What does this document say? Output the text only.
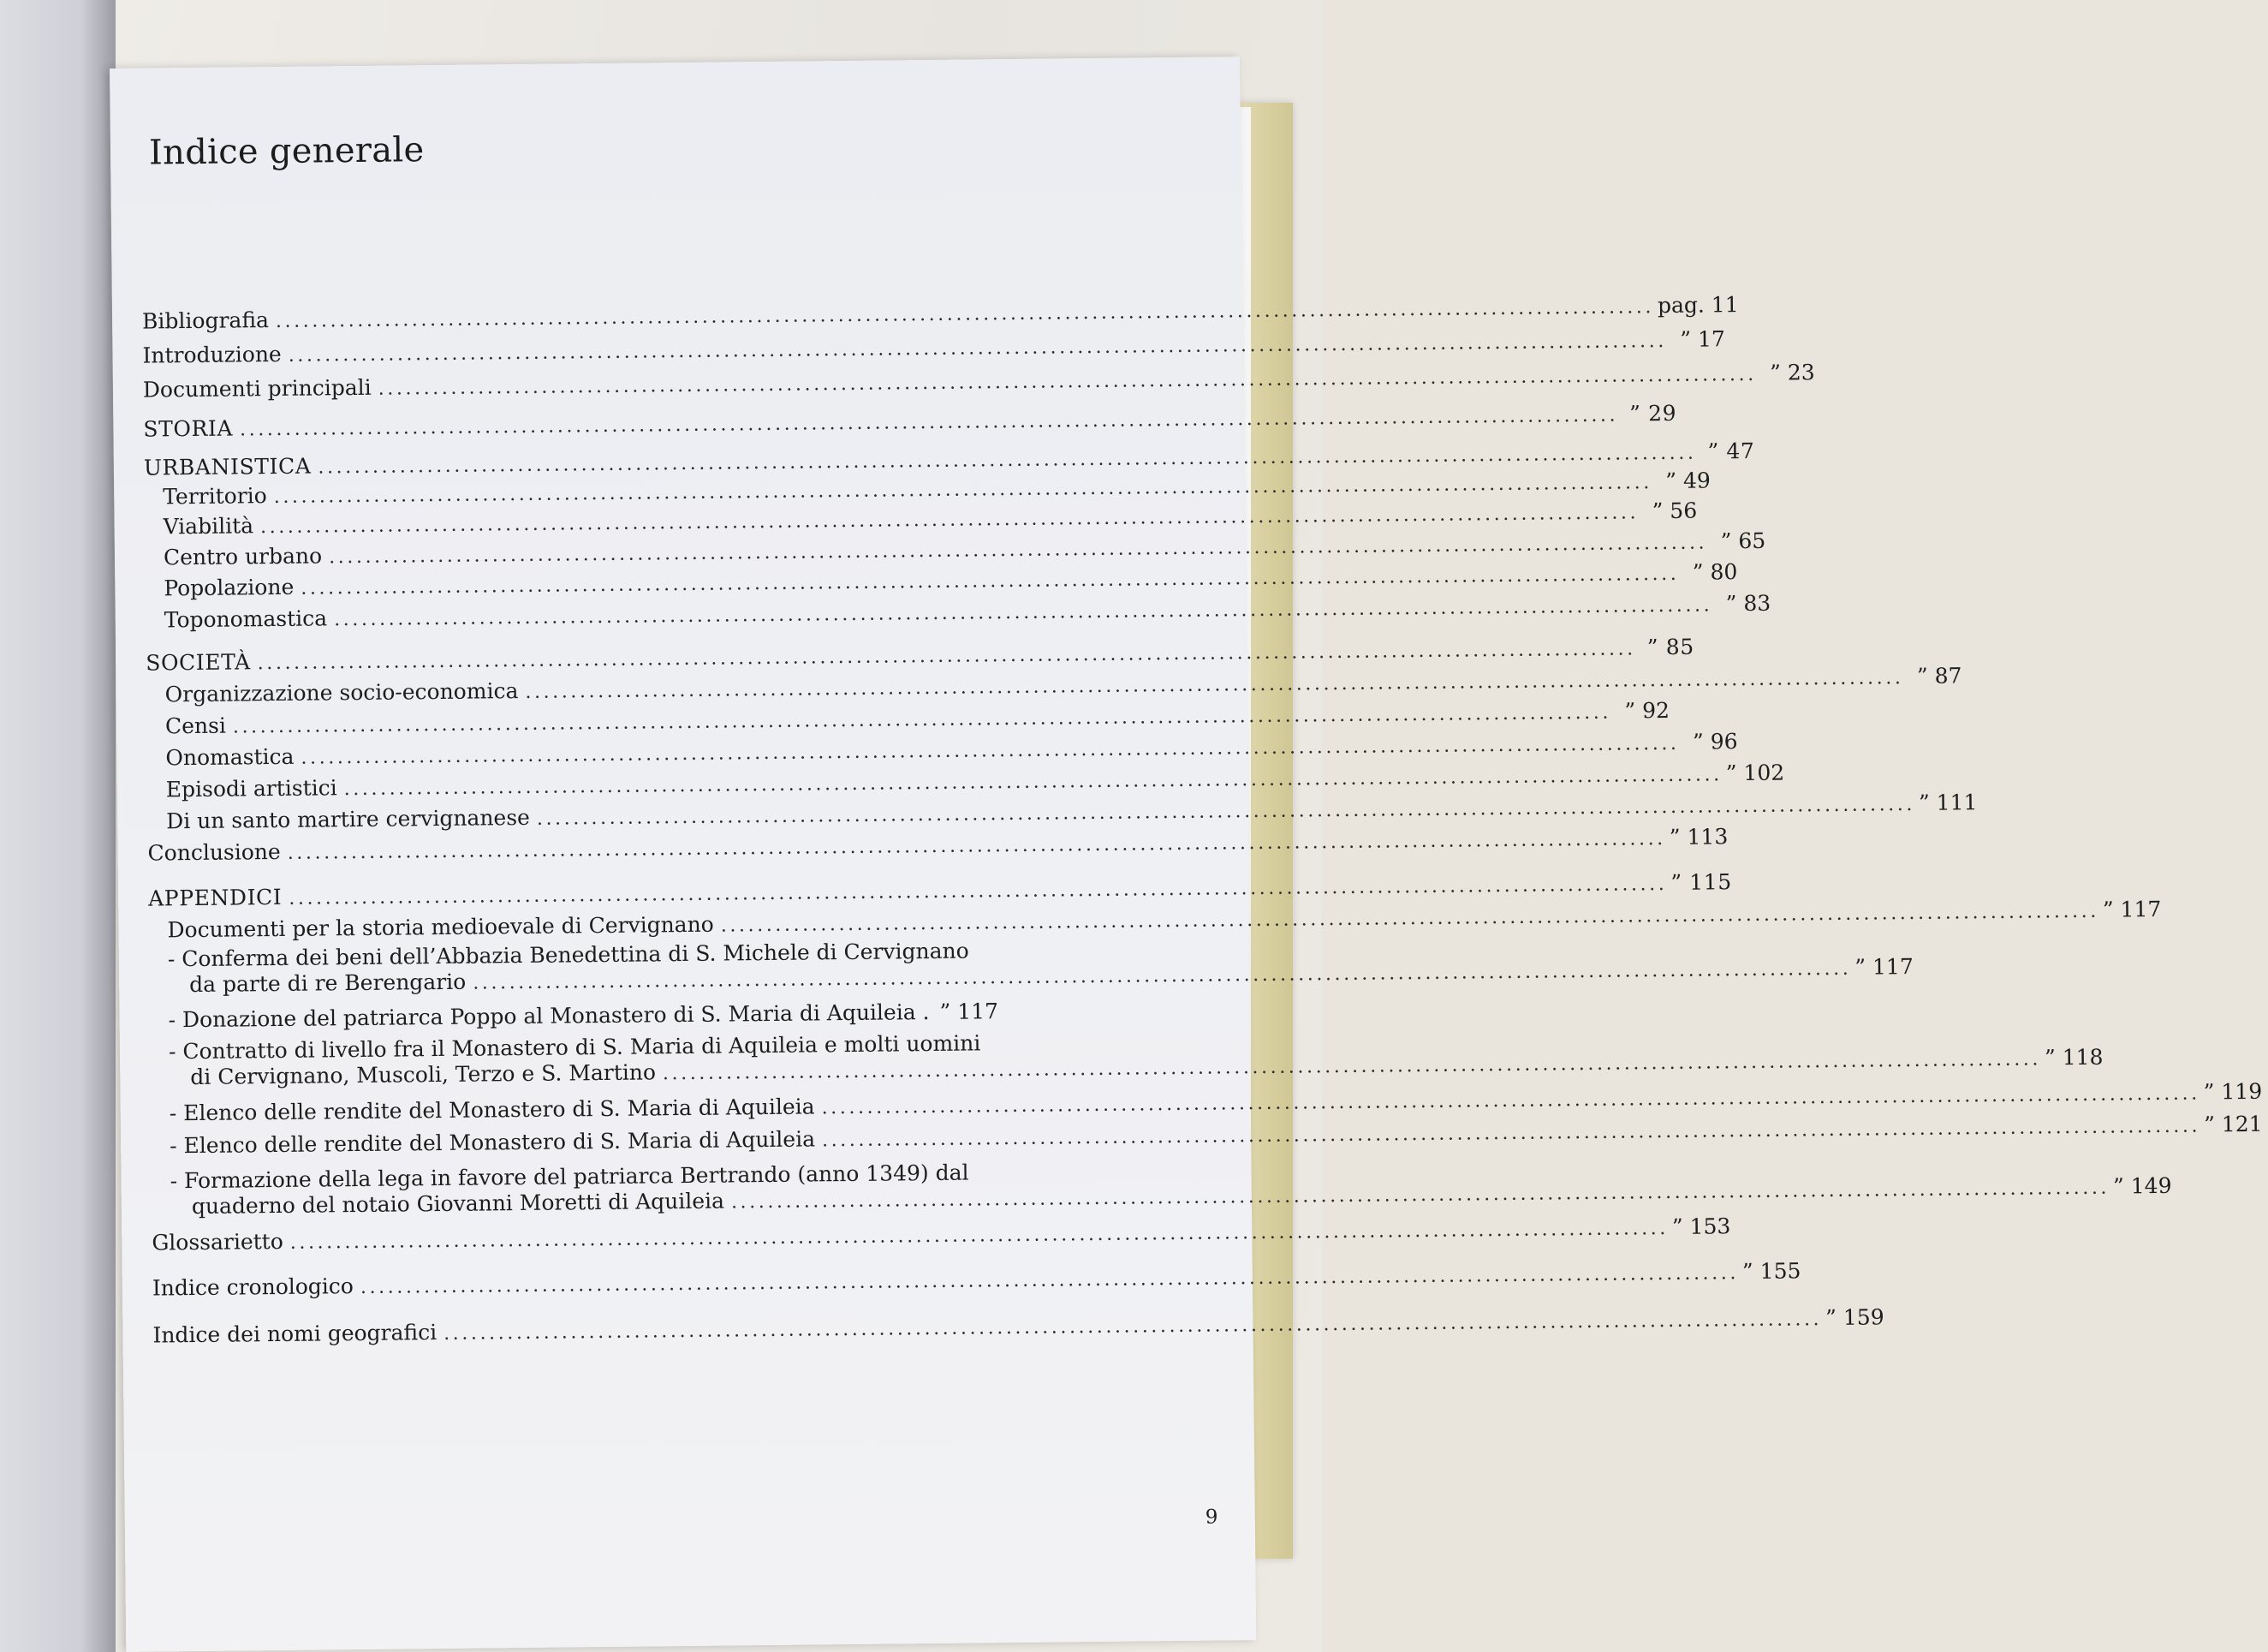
Indice generale
Bibliografia ........................................................................................................................................................ pag. 11
Introduzione ........................................................................................................................................................ ” 17
Documenti principali ........................................................................................................................................................ ” 23
STORIA ........................................................................................................................................................ ” 29
URBANISTICA ........................................................................................................................................................ ” 47
Territorio ........................................................................................................................................................ ” 49
Viabilità ........................................................................................................................................................ ” 56
Centro urbano ........................................................................................................................................................ ” 65
Popolazione ........................................................................................................................................................ ” 80
Toponomastica ........................................................................................................................................................ ” 83
SOCIETÀ ........................................................................................................................................................ ” 85
Organizzazione socio-economica ........................................................................................................................................................ ” 87
Censi ........................................................................................................................................................ ” 92
Onomastica ........................................................................................................................................................ ” 96
Episodi artistici ........................................................................................................................................................ ” 102
Di un santo martire cervignanese ........................................................................................................................................................ ” 111
Conclusione ........................................................................................................................................................ ” 113
APPENDICI ........................................................................................................................................................ ” 115
Documenti per la storia medioevale di Cervignano ........................................................................................................................................................ ” 117
- Conferma dei beni dell’Abbazia Benedettina di S. Michele di Cervignano
da parte di re Berengario ........................................................................................................................................................ ” 117
- Donazione del patriarca Poppo al Monastero di S. Maria di Aquileia . ” 117
- Contratto di livello fra il Monastero di S. Maria di Aquileia e molti uomini
di Cervignano, Muscoli, Terzo e S. Martino ........................................................................................................................................................ ” 118
- Elenco delle rendite del Monastero di S. Maria di Aquileia ........................................................................................................................................................ ” 119
- Elenco delle rendite del Monastero di S. Maria di Aquileia ........................................................................................................................................................ ” 121
- Formazione della lega in favore del patriarca Bertrando (anno 1349) dal
quaderno del notaio Giovanni Moretti di Aquileia ........................................................................................................................................................ ” 149
Glossarietto ........................................................................................................................................................ ” 153
Indice cronologico ........................................................................................................................................................ ” 155
Indice dei nomi geografici ........................................................................................................................................................ ” 159
9
